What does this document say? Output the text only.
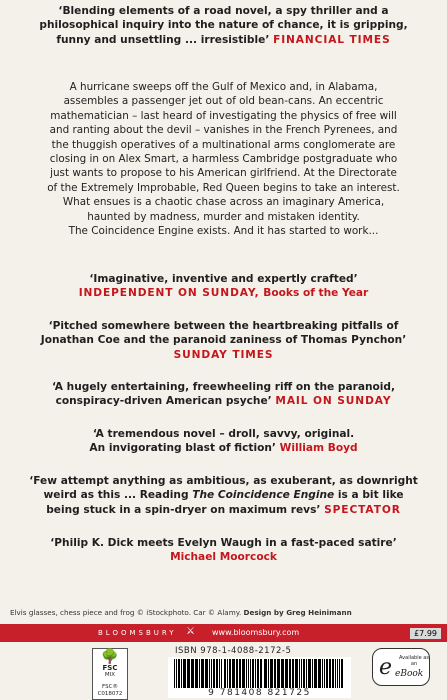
‘Blending elements of a road novel, a spy thriller and a
philosophical inquiry into the nature of chance, it is gripping,
funny and unsettling ... irresistible’ FINANCIAL TIMES
A hurricane sweeps off the Gulf of Mexico and, in Alabama,
assembles a passenger jet out of old bean-cans. An eccentric
mathematician – last heard of investigating the physics of free will
and ranting about the devil – vanishes in the French Pyrenees, and
the thuggish operatives of a multinational arms conglomerate are
closing in on Alex Smart, a harmless Cambridge postgraduate who
just wants to propose to his American girlfriend. At the Directorate
of the Extremely Improbable, Red Queen begins to take an interest.
What ensues is a chaotic chase across an imaginary America,
haunted by madness, murder and mistaken identity.
The Coincidence Engine exists. And it has started to work...
‘Imaginative, inventive and expertly crafted’
INDEPENDENT ON SUNDAY, Books of the Year
‘Pitched somewhere between the heartbreaking pitfalls of
Jonathan Coe and the paranoid zaniness of Thomas Pynchon’
SUNDAY TIMES
‘A hugely entertaining, freewheeling riff on the paranoid,
conspiracy-driven American psyche’ MAIL ON SUNDAY
‘A tremendous novel – droll, savvy, original.
An invigorating blast of fiction’ William Boyd
‘Few attempt anything as ambitious, as exuberant, as downright
weird as this ... Reading The Coincidence Engine is a bit like
being stuck in a spin-dryer on maximum revs’ SPECTATOR
‘Philip K. Dick meets Evelyn Waugh in a fast-paced satire’
Michael Moorcock
Elvis glasses, chess piece and frog © iStockphoto. Car © Alamy. Design by Greg Heinimann
BLOOMSBURY ⚔ www.bloomsbury.com	£7.99
🌳
FSC
MIX
FSC® C018072
ISBN 978-1-4088-2172-5
9 781408 821725
e Available as an
eBook
